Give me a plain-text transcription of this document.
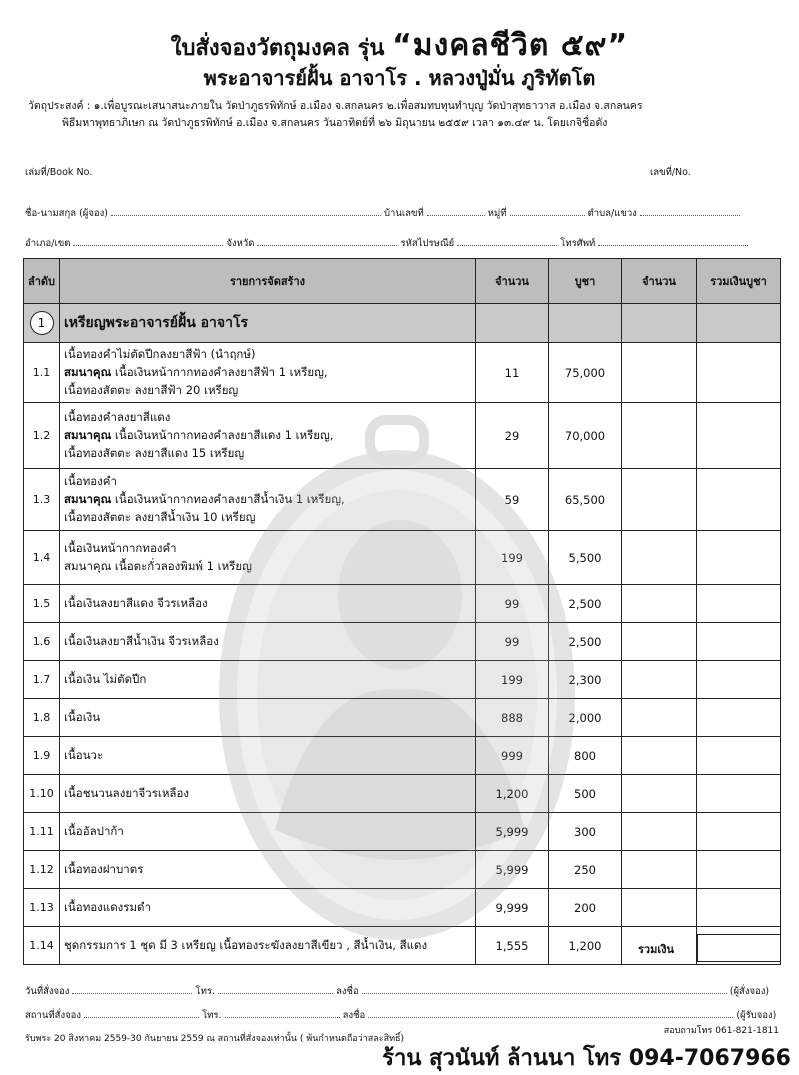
ใบสั่งจองวัตถุมงคล รุ่น “มงคลชีวิต ๕๙”
พระอาจารย์ฝั้น อาจาโร . หลวงปู่มั่น ภูริทัตโต
วัตถุประสงค์ : ๑.เพื่อบูรณะเสนาสนะภายใน วัดป่าภูธรพิทักษ์ อ.เมือง จ.สกลนคร ๒.เพื่อสมทบทุนทำบุญ วัดป่าสุทธาวาส อ.เมือง จ.สกลนคร
พิธีมหาพุทธาภิเษก ณ วัดป่าภูธรพิทักษ์ อ.เมือง จ.สกลนคร วันอาทิตย์ที่ ๒๖ มิถุนายน ๒๕๕๙ เวลา ๑๓.๔๙ น. โดยเกจิชื่อดัง
เล่มที่/Book No.	เลขที่/No.
ชื่อ-นามสกุล (ผู้จอง)	บ้านเลขที่	หมู่ที่	ตำบล/แขวง
อำเภอ/เขต	จังหวัด	รหัสไปรษณีย์	โทรศัพท์
ลำดับ	รายการจัดสร้าง	จำนวน	บูชา	จำนวน	รวมเงินบูชา
1	เหรียญพระอาจารย์ฝั้น อาจาโร				
1.1	เนื้อทองคำไม่ตัดปีกลงยาสีฟ้า (นำฤกษ์)
สมนาคุณ เนื้อเงินหน้ากากทองคำลงยาสีฟ้า 1 เหรียญ,
เนื้อทองสัตตะ ลงยาสีฟ้า 20 เหรียญ	11	75,000		
1.2	เนื้อทองคำลงยาสีแดง
สมนาคุณ เนื้อเงินหน้ากากทองคำลงยาสีแดง 1 เหรียญ,
เนื้อทองสัตตะ ลงยาสีแดง 15 เหรียญ	29	70,000		
1.3	เนื้อทองคำ
สมนาคุณ เนื้อเงินหน้ากากทองคำลงยาสีน้ำเงิน 1 เหรียญ,
เนื้อทองสัตตะ ลงยาสีน้ำเงิน 10 เหรียญ	59	65,500		
1.4	เนื้อเงินหน้ากากทองคำ
สมนาคุณ เนื้อตะกั่วลองพิมพ์ 1 เหรียญ	199	5,500		
1.5	เนื้อเงินลงยาสีแดง จีวรเหลือง	99	2,500		
1.6	เนื้อเงินลงยาสีน้ำเงิน จีวรเหลือง	99	2,500		
1.7	เนื้อเงิน ไม่ตัดปีก	199	2,300		
1.8	เนื้อเงิน	888	2,000		
1.9	เนื้อนวะ	999	800		
1.10	เนื้อชนวนลงยาจีวรเหลือง	1,200	500		
1.11	เนื้ออัลปาก้า	5,999	300		
1.12	เนื้อทองฝาบาตร	5,999	250		
1.13	เนื้อทองแดงรมดำ	9,999	200		
1.14	ชุดกรรมการ 1 ชุด มี 3 เหรียญ เนื้อทองระฆังลงยาสีเขียว , สีน้ำเงิน, สีแดง	1,555	1,200			รวมเงิน
วันที่สั่งจอง	โทร.	ลงชื่อ	(ผู้สั่งจอง)
สถานที่สั่งจอง	โทร.	ลงชื่อ	(ผู้รับจอง)
สอบถามโทร 061-821-1811
รับพระ 20 สิงหาคม 2559-30 กันยายน 2559 ณ สถานที่สั่งจองเท่านั้น ( พ้นกำหนดถือว่าสละสิทธิ์)
ร้าน สุวนันท์ ล้านนา โทร 094-7067966
